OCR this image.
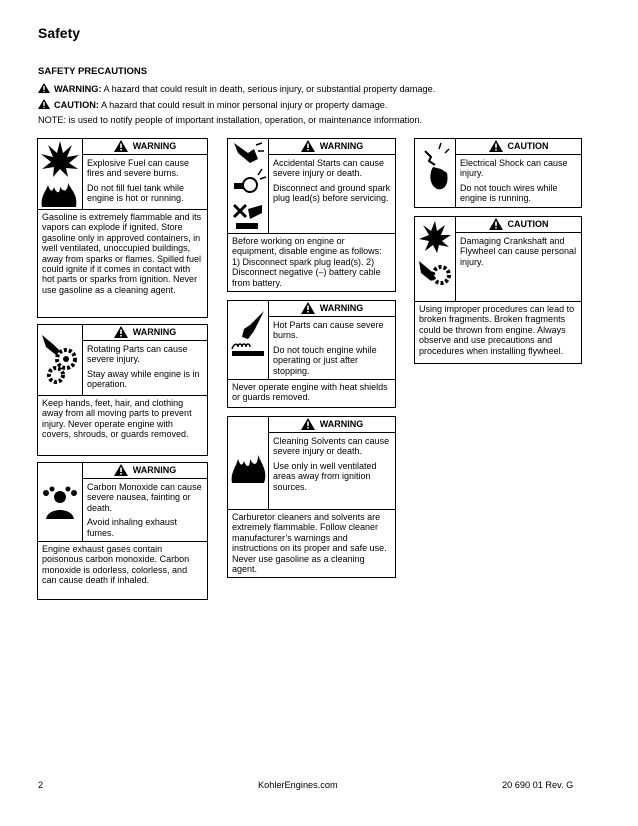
Safety
SAFETY PRECAUTIONS
WARNING: A hazard that could result in death, serious injury, or substantial property damage.
CAUTION: A hazard that could result in minor personal injury or property damage.
NOTE: is used to notify people of important installation, operation, or maintenance information.
WARNING

Explosive Fuel can cause fires and severe burns.

Do not fill fuel tank while engine is hot or running.

Gasoline is extremely flammable and its vapors can explode if ignited. Store gasoline only in approved containers, in well ventilated, unoccupied buildings, away from sparks or flames. Spilled fuel could ignite if it comes in contact with hot parts or sparks from ignition. Never use gasoline as a cleaning agent.
WARNING

Rotating Parts can cause severe injury.

Stay away while engine is in operation.

Keep hands, feet, hair, and clothing away from all moving parts to prevent injury. Never operate engine with covers, shrouds, or guards removed.
WARNING

Carbon Monoxide can cause severe nausea, fainting or death.

Avoid inhaling exhaust fumes.

Engine exhaust gases contain poisonous carbon monoxide. Carbon monoxide is odorless, colorless, and can cause death if inhaled.
WARNING

Accidental Starts can cause severe injury or death.

Disconnect and ground spark plug lead(s) before servicing.

Before working on engine or equipment, disable engine as follows: 1) Disconnect spark plug lead(s). 2) Disconnect negative (–) battery cable from battery.
WARNING

Hot Parts can cause severe burns.

Do not touch engine while operating or just after stopping.

Never operate engine with heat shields or guards removed.
WARNING

Cleaning Solvents can cause severe injury or death.

Use only in well ventilated areas away from ignition sources.

Carburetor cleaners and solvents are extremely flammable. Follow cleaner manufacturer’s warnings and instructions on its proper and safe use. Never use gasoline as a cleaning agent.
CAUTION

Electrical Shock can cause injury.

Do not touch wires while engine is running.

CAUTION

Damaging Crankshaft and Flywheel can cause personal injury.

Using improper procedures can lead to broken fragments. Broken fragments could be thrown from engine. Always observe and use precautions and procedures when installing flywheel.
2	KohlerEngines.com	20 690 01 Rev. G
